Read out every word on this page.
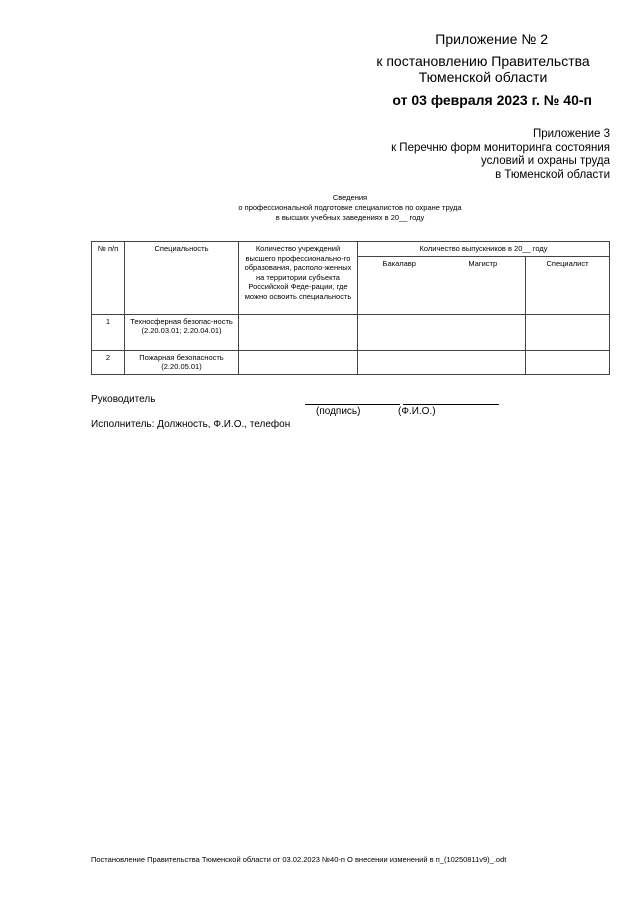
Приложение № 2
к постановлению Правительства
Тюменской области
от 03 февраля 2023 г. № 40-п
Приложение 3
к Перечню форм мониторинга состояния
условий и охраны труда
в Тюменской области
Сведения
о профессиональной подготовке специалистов по охране труда
в высших учебных заведениях в 20__ году
№ п/п	Специальность	Количество учреждений высшего профессионально-го образования, располо-женных на территории субъекта Российской Феде-рации, где можно освоить специальность	Количество выпускников в 20__ году		
			Бакалавр	Магистр	Специалист
1	Техносферная безопас-ность (2.20.03.01; 2.20.04.01)				
2	Пожарная безопасность (2.20.05.01)				
Руководитель
(подпись)	(Ф.И.О.)
Исполнитель: Должность, Ф.И.О., телефон
Постановление Правительства Тюменской области от 03.02.2023 №40-п О внесении изменений в п_(10250811v9)_.odt
